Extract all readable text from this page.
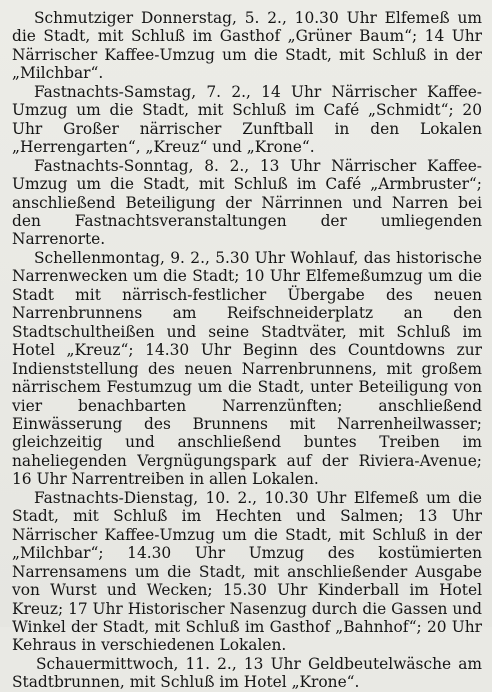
Schmutziger Donnerstag, 5. 2., 10.30 Uhr Elfemeß um die Stadt, mit Schluß im Gasthof „Grüner Baum“; 14 Uhr Närrischer Kaffee-Umzug um die Stadt, mit Schluß in der „Milchbar“.

Fastnachts-Samstag, 7. 2., 14 Uhr Närrischer Kaffee-Umzug um die Stadt, mit Schluß im Café „Schmidt“; 20 Uhr Großer närrischer Zunftball in den Lokalen „Herrengarten“, „Kreuz“ und „Krone“.

Fastnachts-Sonntag, 8. 2., 13 Uhr Närrischer Kaffee-Umzug um die Stadt, mit Schluß im Café „Armbruster“; anschließend Beteiligung der Närrinnen und Narren bei den Fastnachtsveranstaltungen der umliegenden Narrenorte.

Schellenmontag, 9. 2., 5.30 Uhr Wohlauf, das historische Narrenwecken um die Stadt; 10 Uhr Elfemeßumzug um die Stadt mit närrisch-festlicher Übergabe des neuen Narrenbrunnens am Reifschneiderplatz an den Stadtschultheißen und seine Stadtväter, mit Schluß im Hotel „Kreuz“; 14.30 Uhr Beginn des Countdowns zur Indienststellung des neuen Narrenbrunnens, mit großem närrischem Festumzug um die Stadt, unter Beteiligung von vier benachbarten Narrenzünften; anschließend Einwässerung des Brunnens mit Narrenheilwasser; gleichzeitig und anschließend buntes Treiben im naheliegenden Vergnügungspark auf der Riviera-Avenue; 16 Uhr Narrentreiben in allen Lokalen.

Fastnachts-Dienstag, 10. 2., 10.30 Uhr Elfemeß um die Stadt, mit Schluß im Hechten und Salmen; 13 Uhr Närrischer Kaffee-Umzug um die Stadt, mit Schluß in der „Milchbar“; 14.30 Uhr Umzug des kostümierten Narrensamens um die Stadt, mit anschließender Ausgabe von Wurst und Wecken; 15.30 Uhr Kinderball im Hotel Kreuz; 17 Uhr Historischer Nasenzug durch die Gassen und Winkel der Stadt, mit Schluß im Gasthof „Bahnhof“; 20 Uhr Kehraus in verschiedenen Lokalen.

Schauermittwoch, 11. 2., 13 Uhr Geldbeutelwäsche am Stadtbrunnen, mit Schluß im Hotel „Krone“.
